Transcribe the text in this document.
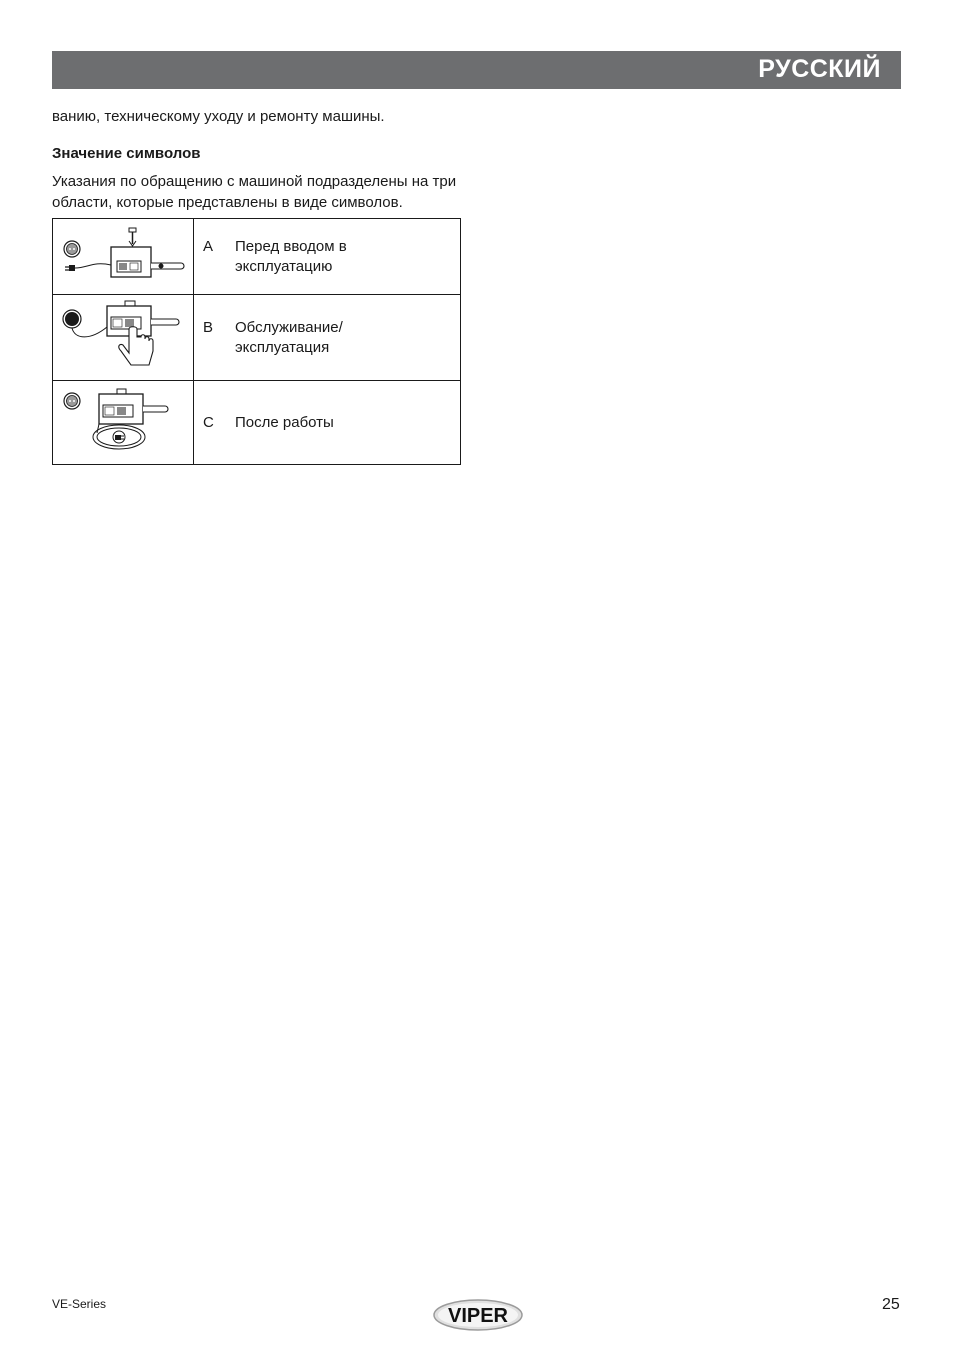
РУССКИЙ
ванию, техническому уходу и ремонту машины.
Значение символов
Указания по обращению с машиной подразделены на три области, которые представлены в виде символов.

A Перед вводом в эксплуатацию

B Обслуживание/ эксплуатация

C После работы
VE-Series
VIPER
25
